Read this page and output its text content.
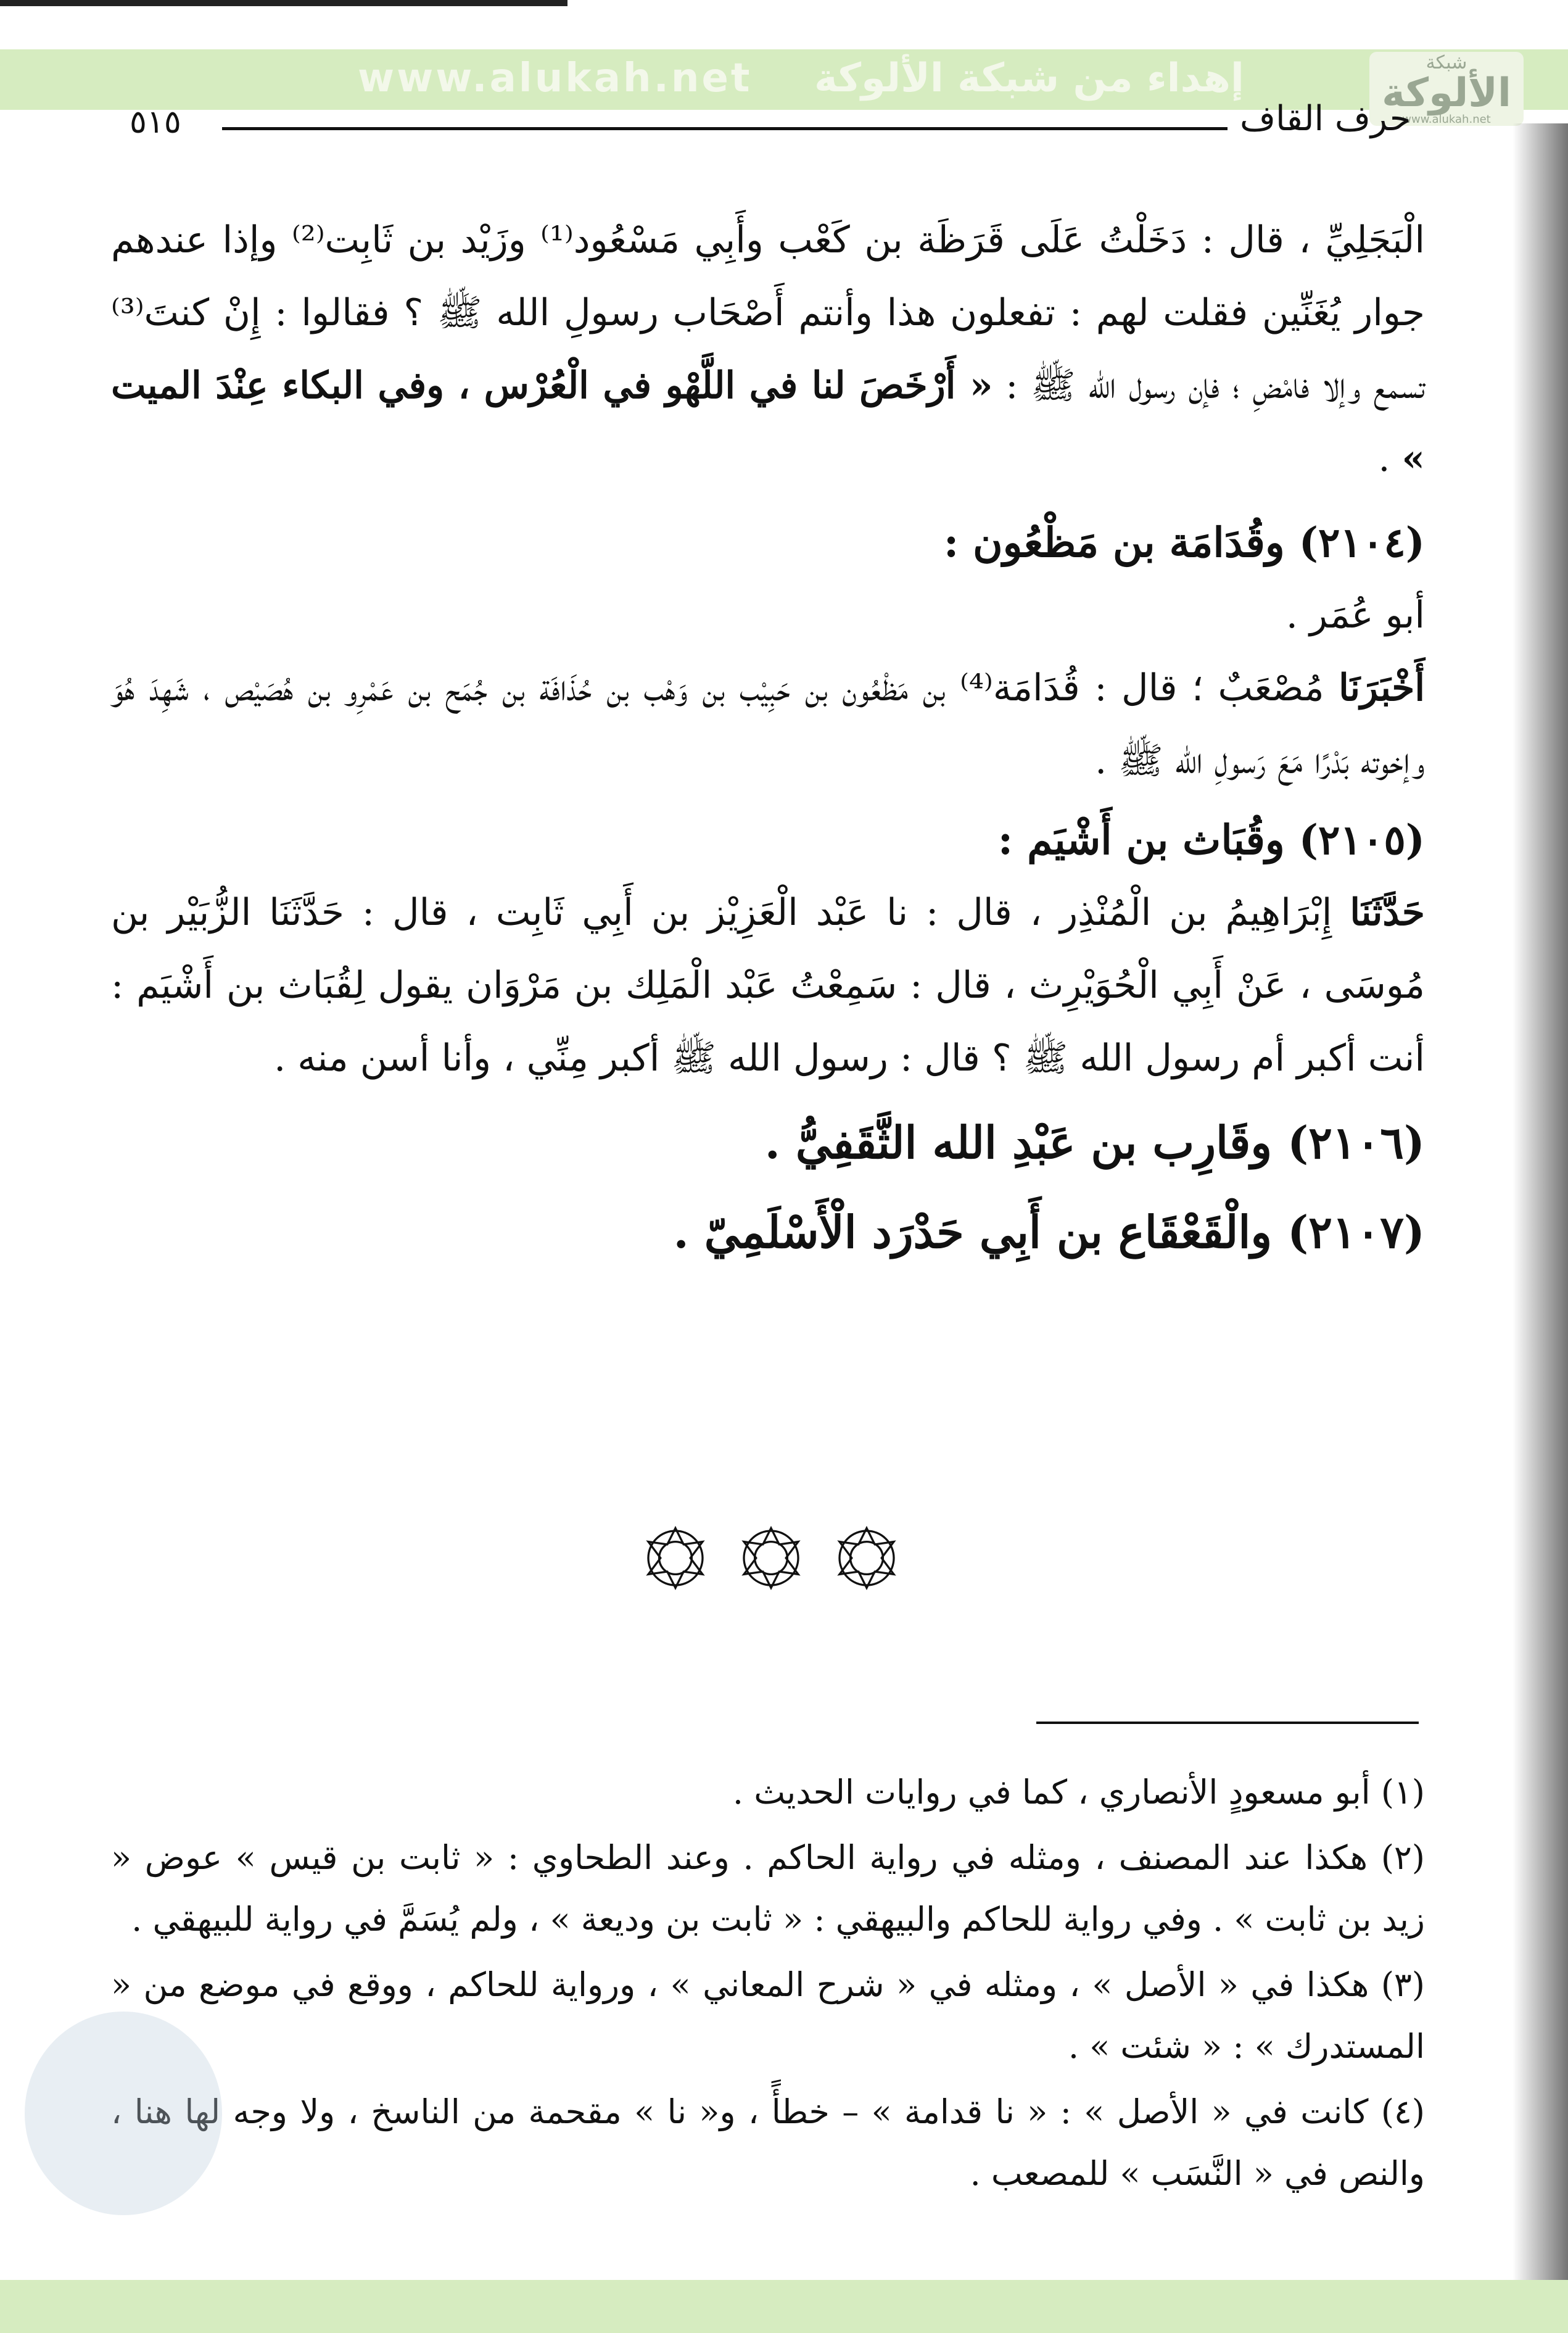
www.alukah.net إهداء من شبكة الألوكة	شبكة
الألوكة
www.alukah.net
٥١٥	حرف القاف

الْبَجَلِيِّ ، قال : دَخَلْتُ عَلَى قَرَظَة بن كَعْب وأَبِي مَسْعُود⁽¹⁾ وزَيْد بن ثَابِت⁽²⁾ وإذا عندهم جوار يُغَنِّين فقلت لهم : تفعلون هذا وأنتم أَصْحَاب رسولِ الله ﷺ ؟ فقالوا : إِنْ كنتَ⁽³⁾ تسمع وإلا فامْضِ ؛ فإن رسول الله ﷺ : « أَرْخَصَ لنا في اللَّهْو في الْعُرْس ، وفي البكاء عِنْدَ الميت » .

(٢١٠٤) وقُدَامَة بن مَظْعُون :

أبو عُمَر .

أَخْبَرَنَا مُصْعَبٌ ؛ قال : قُدَامَة⁽⁴⁾ بن مَظْعُون بن حَبِيْب بن وَهْب بن حُذَافَة بن جُمَح بن عَمْرِو بن هُصَيْص ، شَهِدَ هُوَ وإخوته بَدْرًا مَعَ رَسولِ الله ﷺ .

(٢١٠٥) وقُبَاث بن أَشْيَم :

حَدَّثَنَا إِبْرَاهِيمُ بن الْمُنْذِر ، قال : نا عَبْد الْعَزِيْز بن أَبِي ثَابِت ، قال : حَدَّثَنَا الزُّبَيْر بن مُوسَى ، عَنْ أَبِي الْحُوَيْرِث ، قال : سَمِعْتُ عَبْد الْمَلِك بن مَرْوَان يقول لِقُبَاث بن أَشْيَم : أنت أكبر أم رسول الله ﷺ ؟ قال : رسول الله ﷺ أكبر مِنِّي ، وأنا أسن منه .

(٢١٠٦) وقَارِب بن عَبْدِ الله الثَّقَفِيُّ .

(٢١٠٧) والْقَعْقَاع بن أَبِي حَدْرَد الْأَسْلَمِيّ .

(١) أبو مسعودٍ الأنصاري ، كما في روايات الحديث .

(٢) هكذا عند المصنف ، ومثله في رواية الحاكم . وعند الطحاوي : « ثابت بن قيس » عوض « زيد بن ثابت » . وفي رواية للحاكم والبيهقي : « ثابت بن وديعة » ، ولم يُسَمَّ في رواية للبيهقي .

(٣) هكذا في « الأصل » ، ومثله في « شرح المعاني » ، ورواية للحاكم ، ووقع في موضع من « المستدرك » : « شئت » .

(٤) كانت في « الأصل » : « نا قدامة » – خطأً ، و« نا » مقحمة من الناسخ ، ولا وجه لها هنا ، والنص في « النَّسَب » للمصعب .
